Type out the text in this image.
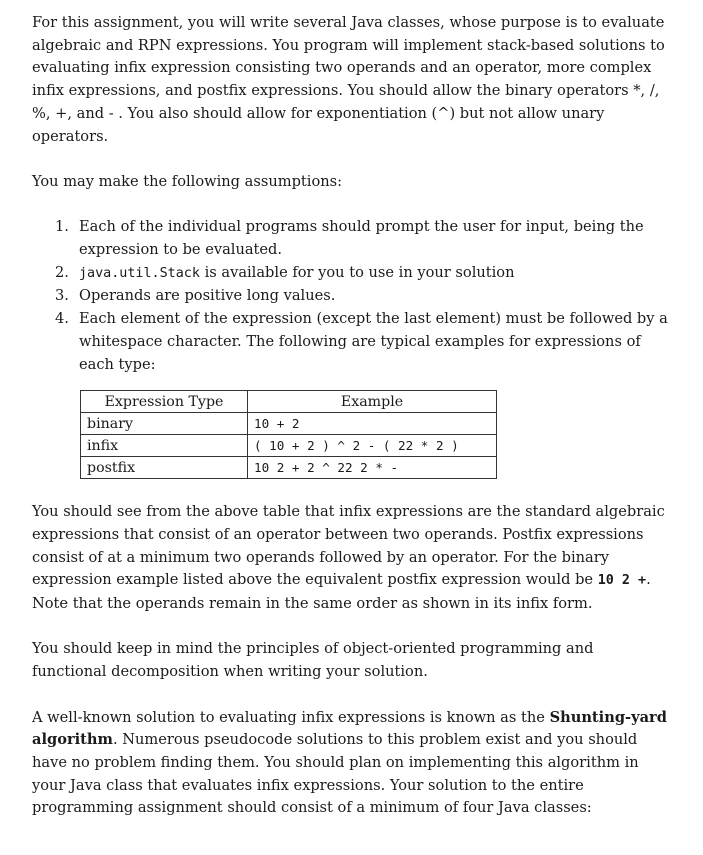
For this assignment, you will write several Java classes, whose purpose is to evaluate algebraic and RPN expressions. You program will implement stack-based solutions to evaluating infix expression consisting two operands and an operator, more complex infix expressions, and postfix expressions. You should allow the binary operators *, /, %, +, and - . You also should allow for exponentiation (^) but not allow unary operators.

You may make the following assumptions:

1. Each of the individual programs should prompt the user for input, being the expression to be evaluated.
2. java.util.Stack is available for you to use in your solution
3. Operands are positive long values.
4. Each element of the expression (except the last element) must be followed by a whitespace character. The following are typical examples for expressions of each type:
Expression Type	Example
binary	10 + 2
infix	( 10 + 2 ) ^ 2 - ( 22 * 2 )
postfix	10 2 + 2 ^ 22 2 * -

You should see from the above table that infix expressions are the standard algebraic expressions that consist of an operator between two operands. Postfix expressions consist of at a minimum two operands followed by an operator. For the binary expression example listed above the equivalent postfix expression would be 10 2 +. Note that the operands remain in the same order as shown in its infix form.

You should keep in mind the principles of object-oriented programming and functional decomposition when writing your solution.

A well-known solution to evaluating infix expressions is known as the Shunting-yard algorithm. Numerous pseudocode solutions to this problem exist and you should have no problem finding them. You should plan on implementing this algorithm in your Java class that evaluates infix expressions. Your solution to the entire programming assignment should consist of a minimum of four Java classes:
